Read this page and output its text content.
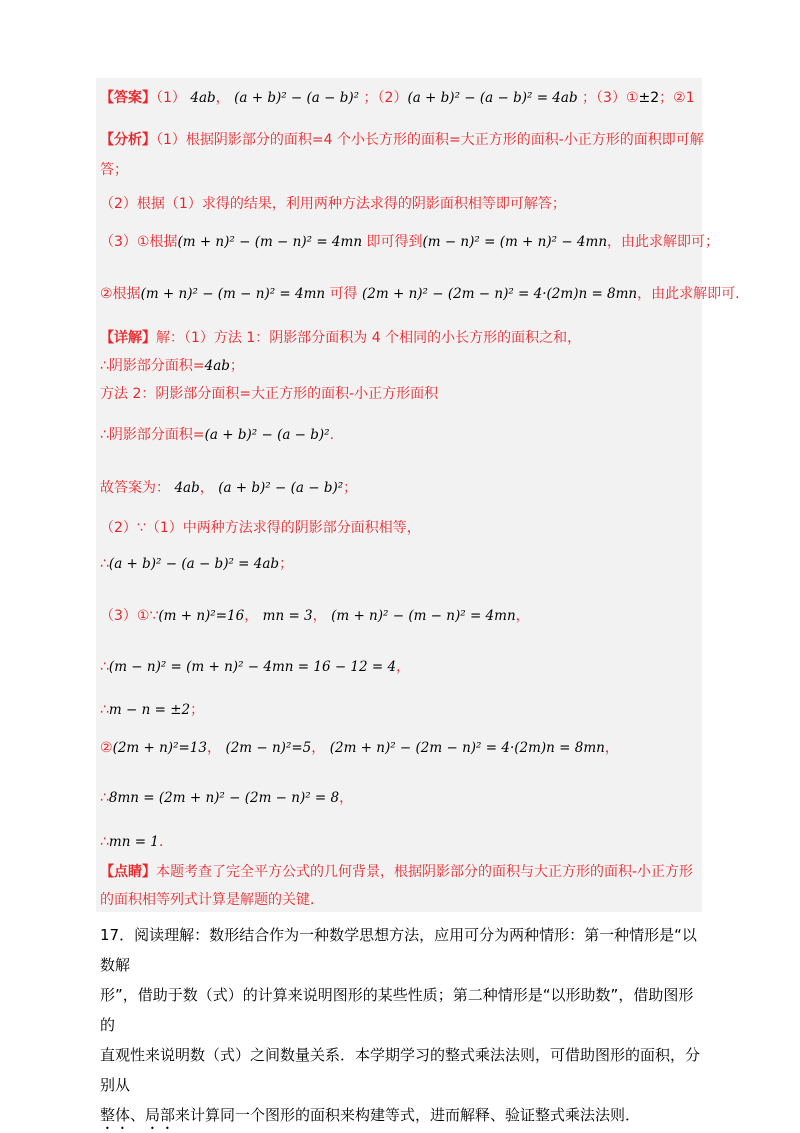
【答案】（1） 4ab， (a + b)² − (a − b)² ；（2）(a + b)² − (a − b)² = 4ab ；（3）①±2；②1
【分析】（1）根据阴影部分的面积=4 个小长方形的面积=大正方形的面积-小正方形的面积即可解
答；
（2）根据（1）求得的结果，利用两种方法求得的阴影面积相等即可解答；
（3）①根据(m + n)² − (m − n)² = 4mn 即可得到(m − n)² = (m + n)² − 4mn，由此求解即可；
②根据(m + n)² − (m − n)² = 4mn 可得 (2m + n)² − (2m − n)² = 4·(2m)n = 8mn，由此求解即可.
【详解】解：（1）方法 1：阴影部分面积为 4 个相同的小长方形的面积之和，
∴阴影部分面积=4ab；
方法 2：阴影部分面积=大正方形的面积-小正方形面积
∴阴影部分面积=(a + b)² − (a − b)².
故答案为： 4ab， (a + b)² − (a − b)²；
（2）∵（1）中两种方法求得的阴影部分面积相等，
∴(a + b)² − (a − b)² = 4ab；
（3）①∵(m + n)²=16， mn = 3， (m + n)² − (m − n)² = 4mn，
∴(m − n)² = (m + n)² − 4mn = 16 − 12 = 4，
∴m − n = ±2；
②(2m + n)²=13， (2m − n)²=5， (2m + n)² − (2m − n)² = 4·(2m)n = 8mn，
∴8mn = (2m + n)² − (2m − n)² = 8，
∴mn = 1.
【点睛】本题考查了完全平方公式的几何背景，根据阴影部分的面积与大正方形的面积-小正方形
的面积相等列式计算是解题的关键.

17．阅读理解：数形结合作为一种数学思想方法，应用可分为两种情形：第一种情形是“以数解

形”，借助于数（式）的计算来说明图形的某些性质；第二种情形是“以形助数”，借助图形的

直观性来说明数（式）之间数量关系．本学期学习的整式乘法法则，可借助图形的面积，分别从

整体、局部来计算同一个图形的面积来构建等式，进而解释、验证整式乘法法则．
